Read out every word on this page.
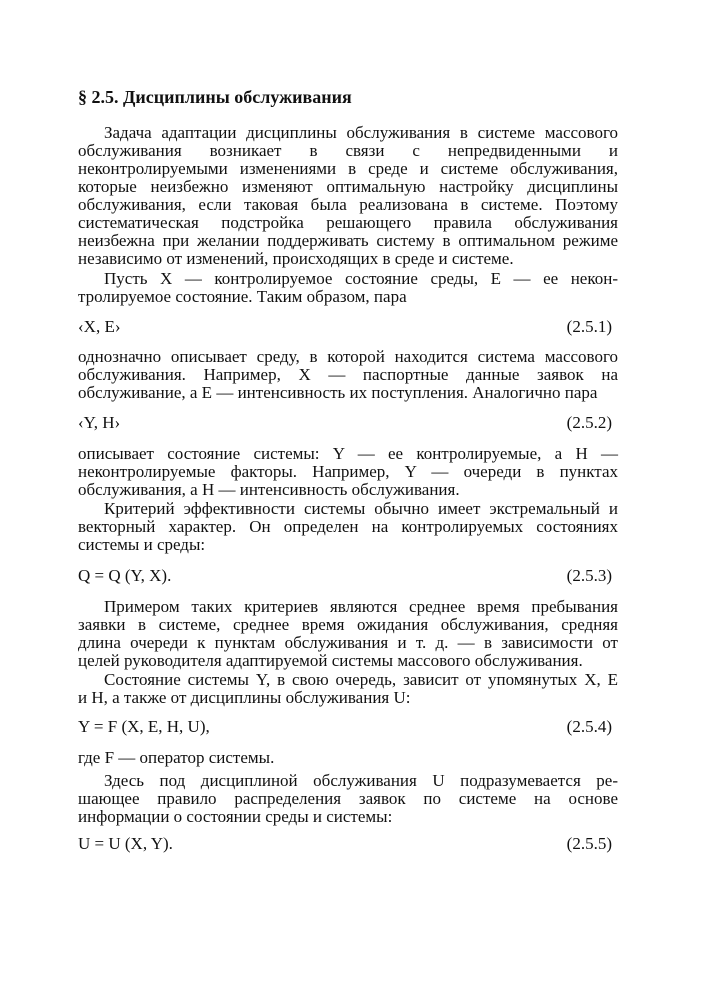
§ 2.5. Дисциплины обслуживания
Задача адаптации дисциплины обслуживания в системе массового
обслуживания возникает в связи с непредвиденными и
неконтролируемыми изменениями в среде и системе обслуживания,
которые неизбежно изменяют оптимальную настройку дисциплины
обслуживания, если таковая была реализована в системе. Поэтому
систематическая подстройка решающего правила обслуживания
неизбежна при желании поддерживать систему в оптимальном режиме
независимо от изменений, происходящих в среде и системе.
Пусть X — контролируемое состояние среды, E — ее некон-
тролируемое состояние. Таким образом, пара
‹X, E›	(2.5.1)
однозначно описывает среду, в которой находится система массового
обслуживания. Например, X — паспортные данные заявок на
обслуживание, а E — интенсивность их поступления. Аналогично пара
‹Y, H›	(2.5.2)
описывает состояние системы: Y — ее контролируемые, а H —
неконтролируемые факторы. Например, Y — очереди в пунктах
обслуживания, а H — интенсивность обслуживания.
Критерий эффективности системы обычно имеет экстремальный и
векторный характер. Он определен на контролируемых состояниях
системы и среды:
Q = Q (Y, X).	(2.5.3)
Примером таких критериев являются среднее время пребывания
заявки в системе, среднее время ожидания обслуживания, средняя
длина очереди к пунктам обслуживания и т. д. — в зависимости от
целей руководителя адаптируемой системы массового обслуживания.
Состояние системы Y, в свою очередь, зависит от упомянутых X, E
и H, а также от дисциплины обслуживания U:
Y = F (X, E, H, U),	(2.5.4)
где F — оператор системы.
Здесь под дисциплиной обслуживания U подразумевается ре-
шающее правило распределения заявок по системе на основе
информации о состоянии среды и системы:
U = U (X, Y).	(2.5.5)
